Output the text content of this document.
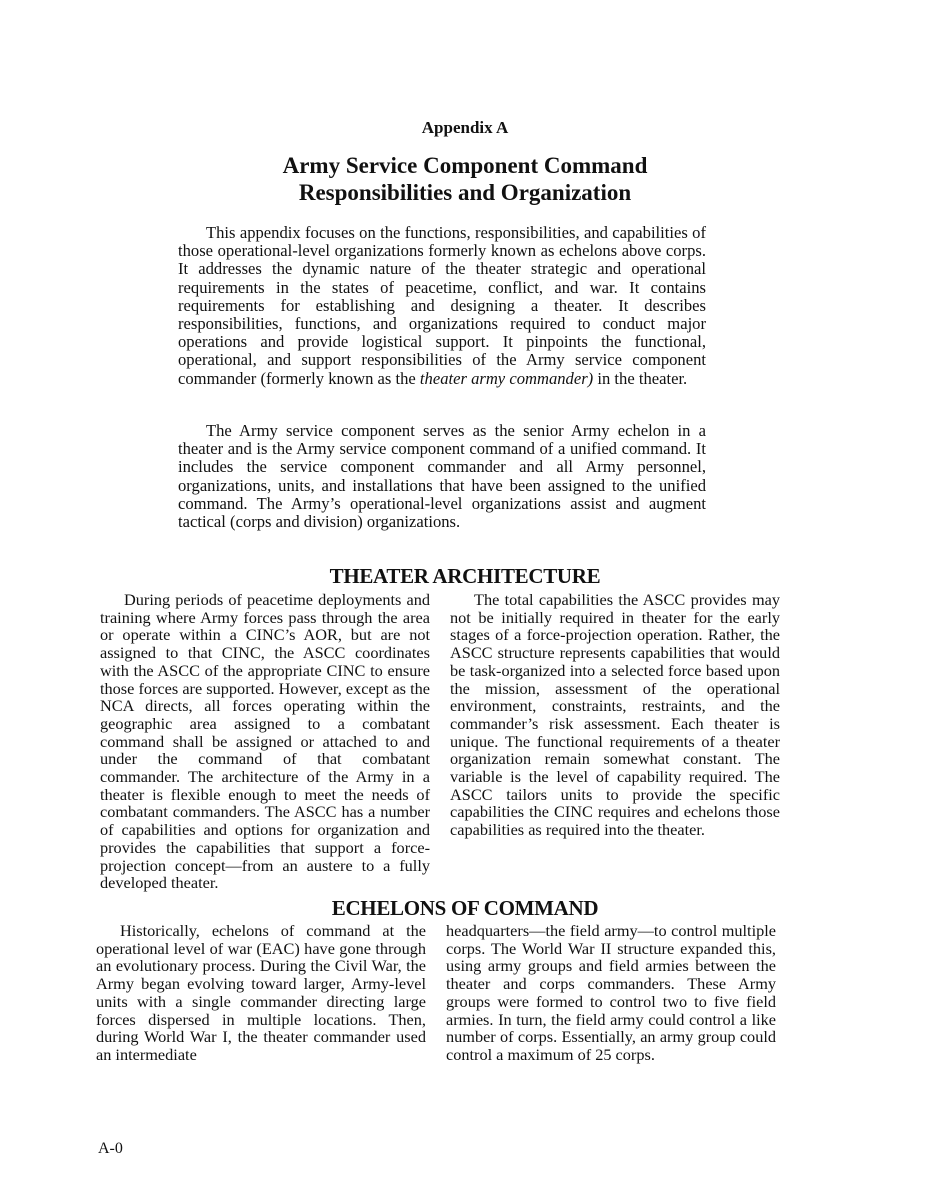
Appendix A
Army Service Component Command
Responsibilities and Organization

This appendix focuses on the functions, responsibilities, and capabilities of those operational-level organizations formerly known as echelons above corps. It addresses the dynamic nature of the theater strategic and operational requirements in the states of peacetime, conflict, and war. It contains requirements for establishing and designing a theater. It describes responsibilities, functions, and organizations required to conduct major operations and provide logistical support. It pinpoints the functional, operational, and support responsibilities of the Army service component commander (formerly known as the theater army commander) in the theater.

The Army service component serves as the senior Army echelon in a theater and is the Army service component command of a unified command. It includes the service component commander and all Army personnel, organizations, units, and installations that have been assigned to the unified command. The Army’s operational-level organizations assist and augment tactical (corps and division) organizations.

THEATER ARCHITECTURE

During periods of peacetime deployments and training where Army forces pass through the area or operate within a CINC’s AOR, but are not assigned to that CINC, the ASCC coordinates with the ASCC of the appropriate CINC to ensure those forces are supported. However, except as the NCA directs, all forces operating within the geographic area assigned to a combatant command shall be assigned or attached to and under the command of that combatant commander. The architecture of the Army in a theater is flexible enough to meet the needs of combatant commanders. The ASCC has a number of capabilities and options for organization and provides the capabilities that support a force-projection concept—from an austere to a fully developed theater.

The total capabilities the ASCC provides may not be initially required in theater for the early stages of a force-projection operation. Rather, the ASCC structure represents capabilities that would be task-organized into a selected force based upon the mission, assessment of the operational environment, constraints, restraints, and the commander’s risk assessment. Each theater is unique. The functional requirements of a theater organization remain somewhat constant. The variable is the level of capability required. The ASCC tailors units to provide the specific capabilities the CINC requires and echelons those capabilities as required into the theater.

ECHELONS OF COMMAND

Historically, echelons of command at the operational level of war (EAC) have gone through an evolutionary process. During the Civil War, the Army began evolving toward larger, Army-level units with a single commander directing large forces dispersed in multiple locations. Then, during World War I, the theater commander used an intermediate

headquarters—the field army—to control multiple corps. The World War II structure expanded this, using army groups and field armies between the theater and corps commanders. These Army groups were formed to control two to five field armies. In turn, the field army could control a like number of corps. Essentially, an army group could control a maximum of 25 corps.

A-0
